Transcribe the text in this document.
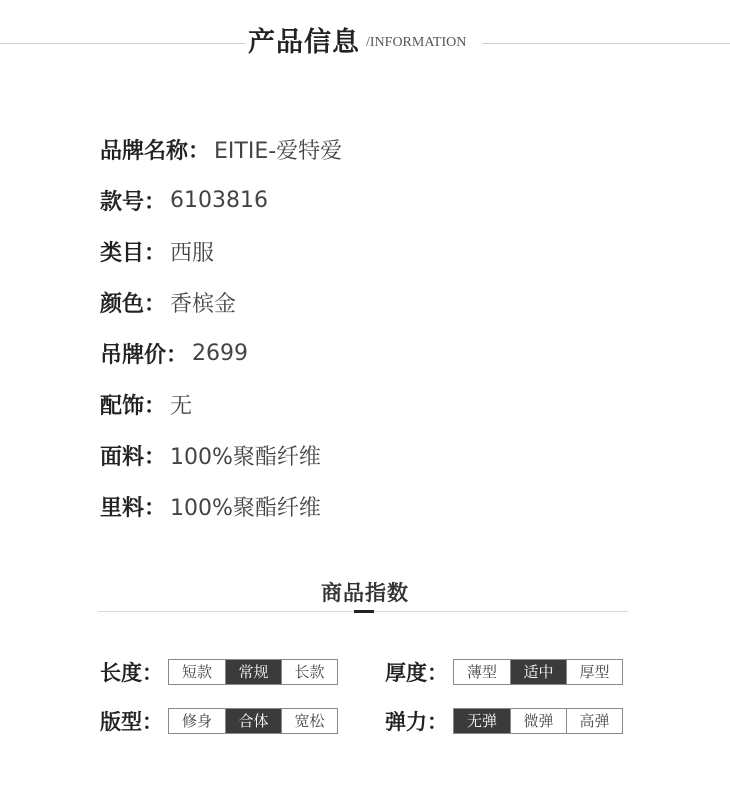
产品信息 /INFORMATION
品牌名称： EITIE-爱特爱
款号： 6103816
类目： 西服
颜色： 香槟金
吊牌价： 2699
配饰： 无
面料： 100%聚酯纤维
里料： 100%聚酯纤维
商品指数
长度：	短款	常规	长款	厚度：	薄型	适中	厚型
版型：	修身	合体	宽松	弹力：	无弹	微弹	高弹
